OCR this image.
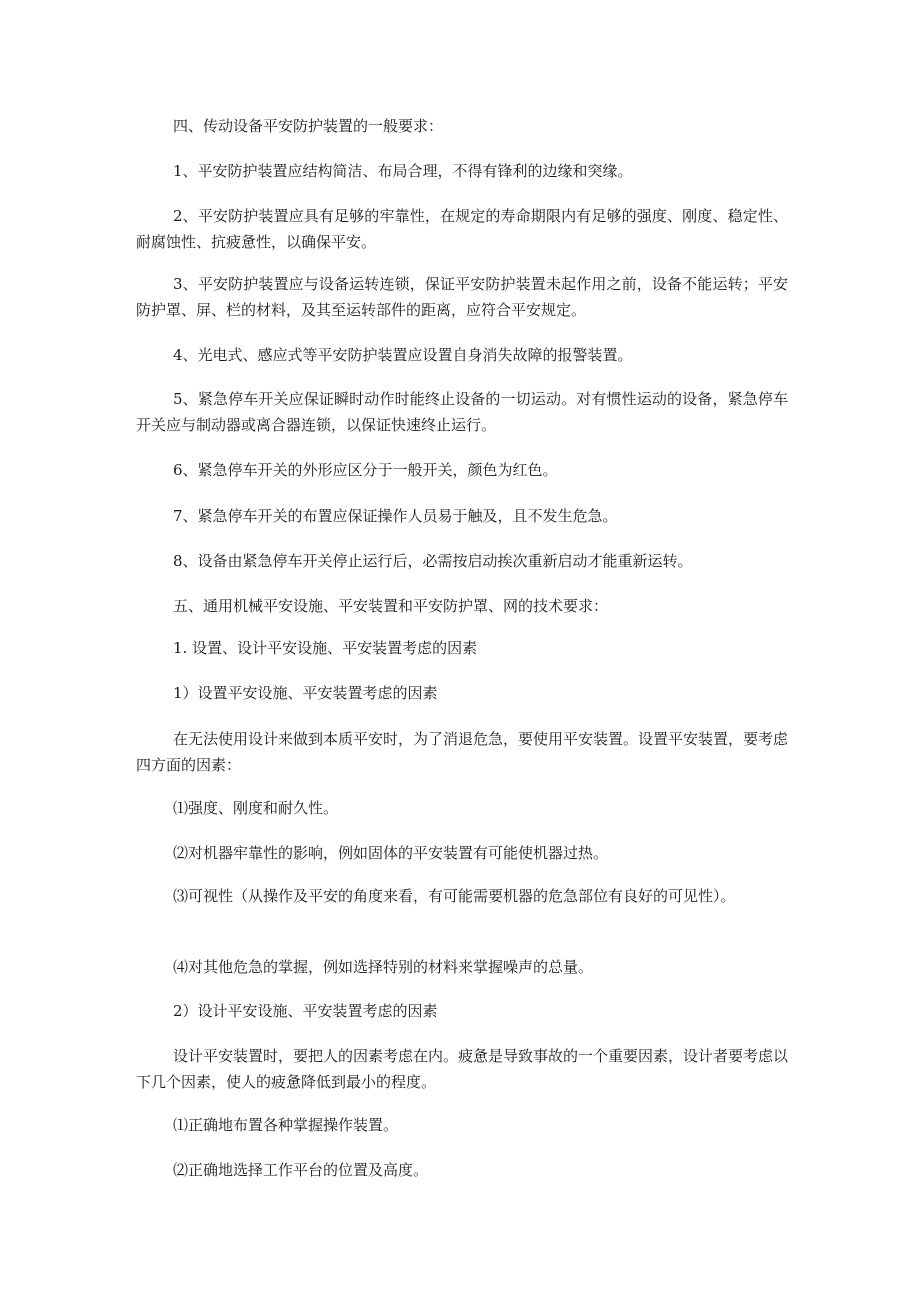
四、传动设备平安防护装置的一般要求：

1、平安防护装置应结构简洁、布局合理，不得有锋利的边缘和突缘。

2、平安防护装置应具有足够的牢靠性，在规定的寿命期限内有足够的强度、刚度、稳定性、耐腐蚀性、抗疲惫性，以确保平安。

3、平安防护装置应与设备运转连锁，保证平安防护装置未起作用之前，设备不能运转；平安防护罩、屏、栏的材料，及其至运转部件的距离，应符合平安规定。

4、光电式、感应式等平安防护装置应设置自身消失故障的报警装置。

5、紧急停车开关应保证瞬时动作时能终止设备的一切运动。对有惯性运动的设备，紧急停车开关应与制动器或离合器连锁，以保证快速终止运行。

6、紧急停车开关的外形应区分于一般开关，颜色为红色。

7、紧急停车开关的布置应保证操作人员易于触及，且不发生危急。

8、设备由紧急停车开关停止运行后，必需按启动挨次重新启动才能重新运转。

五、通用机械平安设施、平安装置和平安防护罩、网的技术要求：

1. 设置、设计平安设施、平安装置考虑的因素

1）设置平安设施、平安装置考虑的因素

在无法使用设计来做到本质平安时，为了消退危急，要使用平安装置。设置平安装置，要考虑四方面的因素：

⑴强度、刚度和耐久性。

⑵对机器牢靠性的影响，例如固体的平安装置有可能使机器过热。

⑶可视性（从操作及平安的角度来看，有可能需要机器的危急部位有良好的可见性）。

⑷对其他危急的掌握，例如选择特别的材料来掌握噪声的总量。

2）设计平安设施、平安装置考虑的因素

设计平安装置时，要把人的因素考虑在内。疲惫是导致事故的一个重要因素，设计者要考虑以下几个因素，使人的疲惫降低到最小的程度。

⑴正确地布置各种掌握操作装置。

⑵正确地选择工作平台的位置及高度。
